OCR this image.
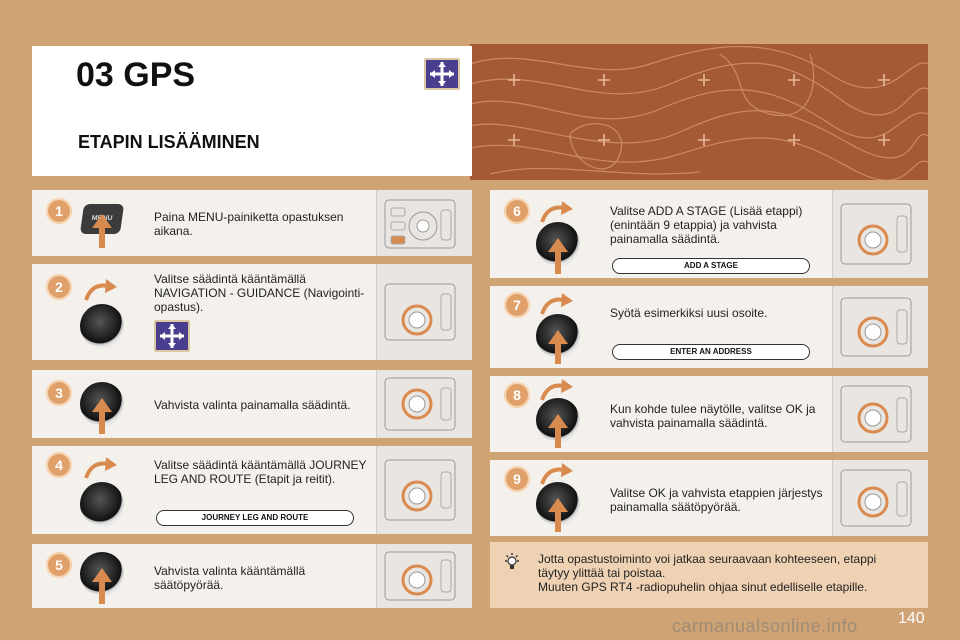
03 GPS
ETAPIN LISÄÄMINEN
1	MENU	Paina MENU-painiketta opastuksen aikana.
2	Valitse säädintä kääntämällä NAVIGATION - GUIDANCE (Navigointi-opastus).
3
Vahvista valinta painamalla säädintä.
4	Valitse säädintä kääntämällä JOURNEY LEG AND ROUTE (Etapit ja reitit).
JOURNEY LEG AND ROUTE
5	Vahvista valinta kääntämällä säätöpyörää.
6	Valitse ADD A STAGE (Lisää etappi) (enintään 9 etappia) ja vahvista painamalla säädintä.
ADD A STAGE
7	Syötä esimerkiksi uusi osoite.
ENTER AN ADDRESS
8
Kun kohde tulee näytölle, valitse OK ja vahvista painamalla säädintä.
9
Valitse OK ja vahvista etappien järjestys painamalla säätöpyörää.
Jotta opastustoiminto voi jatkaa seuraavaan kohteeseen, etappi
täytyy ylittää tai poistaa.
Muuten GPS RT4 -radiopuhelin ohjaa sinut edelliselle etapille.
carmanualsonline.info	140
